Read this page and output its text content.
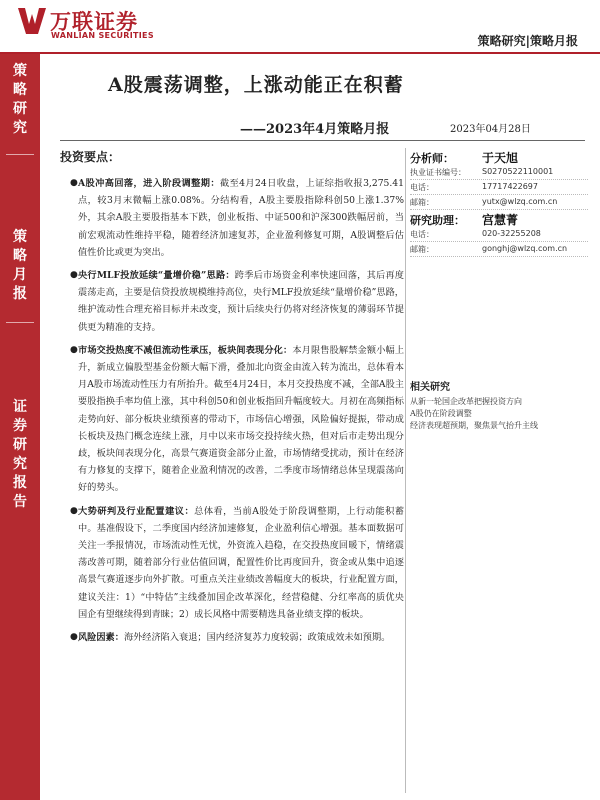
万联证券
WANLIAN SECURITIES	策略研究|策略月报
策略研究
策略月报
证券研究报告
A股震荡调整，上涨动能正在积蓄
——2023年4月策略月报	2023年04月28日
投资要点：
● A股冲高回落，进入阶段调整期：截至4月24日收盘，上证综指收报3,275.41点，较3月末微幅上涨0.08%。分结构看，A股主要股指除科创50上涨1.37%外，其余A股主要股指基本下跌，创业板指、中证500和沪深300跌幅居前，当前宏观流动性维持平稳，随着经济加速复苏，企业盈利修复可期，A股调整后估值性价比或更为突出。
● 央行MLF投放延续“量增价稳”思路：跨季后市场资金利率快速回落，其后再度震荡走高，主要是信贷投放规模维持高位，央行MLF投放延续“量增价稳”思路，维护流动性合理充裕目标并未改变，预计后续央行仍将对经济恢复的薄弱环节提供更为精准的支持。
● 市场交投热度不减但流动性承压，板块间表现分化：本月限售股解禁金额小幅上升，新成立偏股型基金份额大幅下滑，叠加北向资金由流入转为流出，总体看本月A股市场流动性压力有所抬升。截至4月24日，本月交投热度不减，全部A股主要股指换手率均值上涨，其中科创50和创业板指回升幅度较大。月初在高频指标走势向好、部分板块业绩预喜的带动下，市场信心增强，风险偏好提振，带动成长板块及热门概念连续上涨，月中以来市场交投持续火热，但对后市走势出现分歧，板块间表现分化，高景气赛道资金部分止盈，市场情绪受扰动，预计在经济有力修复的支撑下，随着企业盈利情况的改善，二季度市场情绪总体呈现震荡向好的势头。
● 大势研判及行业配置建议：总体看，当前A股处于阶段调整期，上行动能积蓄中。基准假设下，二季度国内经济加速修复，企业盈利信心增强。基本面数据可关注一季报情况，市场流动性无忧，外资流入趋稳，在交投热度回暖下，情绪震荡改善可期，随着部分行业估值回调，配置性价比再度回升，资金或从集中追逐高景气赛道逐步向外扩散。可重点关注业绩改善幅度大的板块，行业配置方面，建议关注：1）“中特估”主线叠加国企改革深化，经营稳健、分红率高的质优央国企有望继续得到青睐；2）成长风格中需要精选具备业绩支撑的板块。
● 风险因素：海外经济陷入衰退；国内经济复苏力度较弱；政策成效未如预期。
分析师： 于天旭
执业证书编号： S0270522110001
电话：	17717422697
邮箱：	yutx@wlzq.com.cn
研究助理： 宫慧菁
电话：	020-32255208
邮箱：	gonghj@wlzq.com.cn
相关研究
从新一轮国企改革把握投资方向
A股仍在阶段调整
经济表现超预期，聚焦景气抬升主线
